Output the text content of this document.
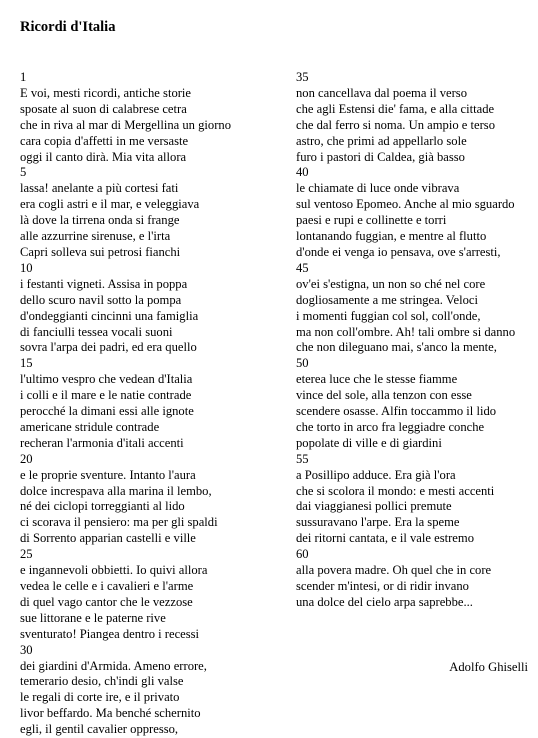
Ricordi d'Italia
1
E voi, mesti ricordi, antiche storie
sposate al suon di calabrese cetra
che in riva al mar di Mergellina un giorno
cara copia d'affetti in me versaste
oggi il canto dirà. Mia vita allora
5
lassa! anelante a più cortesi fati
era cogli astri e il mar, e veleggiava
là dove la tirrena onda si frange
alle azzurrine sirenuse, e l'irta
Capri solleva sui petrosi fianchi
10
i festanti vigneti. Assisa in poppa
dello scuro navil sotto la pompa
d'ondeggianti cincinni una famiglia
di fanciulli tessea vocali suoni
sovra l'arpa dei padri, ed era quello
15
l'ultimo vespro che vedean d'Italia
i colli e il mare e le natie contrade
perocché la dimani essi alle ignote
americane stridule contrade
recheran l'armonia d'itali accenti
20
e le proprie sventure. Intanto l'aura
dolce increspava alla marina il lembo,
né dei ciclopi torreggianti al lido
ci scorava il pensiero: ma per gli spaldi
di Sorrento apparian castelli e ville
25
e ingannevoli obbietti. Io quivi allora
vedea le celle e i cavalieri e l'arme
di quel vago cantor che le vezzose
sue littorane e le paterne rive
sventurato! Piangea dentro i recessi
30
dei giardini d'Armida. Ameno errore,
temerario desio, ch'indi gli valse
le regali di corte ire, e il privato
livor beffardo. Ma benché schernito
egli, il gentil cavalier oppresso,
35
non cancellava dal poema il verso
che agli Estensi die' fama, e alla cittade
che dal ferro si noma. Un ampio e terso
astro, che primi ad appellarlo sole
furo i pastori di Caldea, già basso
40
le chiamate di luce onde vibrava
sul ventoso Epomeo. Anche al mio sguardo
paesi e rupi e collinette e torri
lontanando fuggian, e mentre al flutto
d'onde ei venga io pensava, ove s'arresti,
45
ov'ei s'estigna, un non so ché nel core
dogliosamente a me stringea. Veloci
i momenti fuggian col sol, coll'onde,
ma non coll'ombre. Ah! tali ombre si danno
che non dileguano mai, s'anco la mente,
50
eterea luce che le stesse fiamme
vince del sole, alla tenzon con esse
scendere osasse. Alfin toccammo il lido
che torto in arco fra leggiadre conche
popolate di ville e di giardini
55
a Posillipo adduce. Era già l'ora
che si scolora il mondo: e mesti accenti
dai viaggianesi pollici premute
sussuravano l'arpe. Era la speme
dei ritorni cantata, e il vale estremo
60
alla povera madre. Oh quel che in core
scender m'intesi, or di ridir invano
una dolce del cielo arpa saprebbe...
Adolfo Ghiselli
